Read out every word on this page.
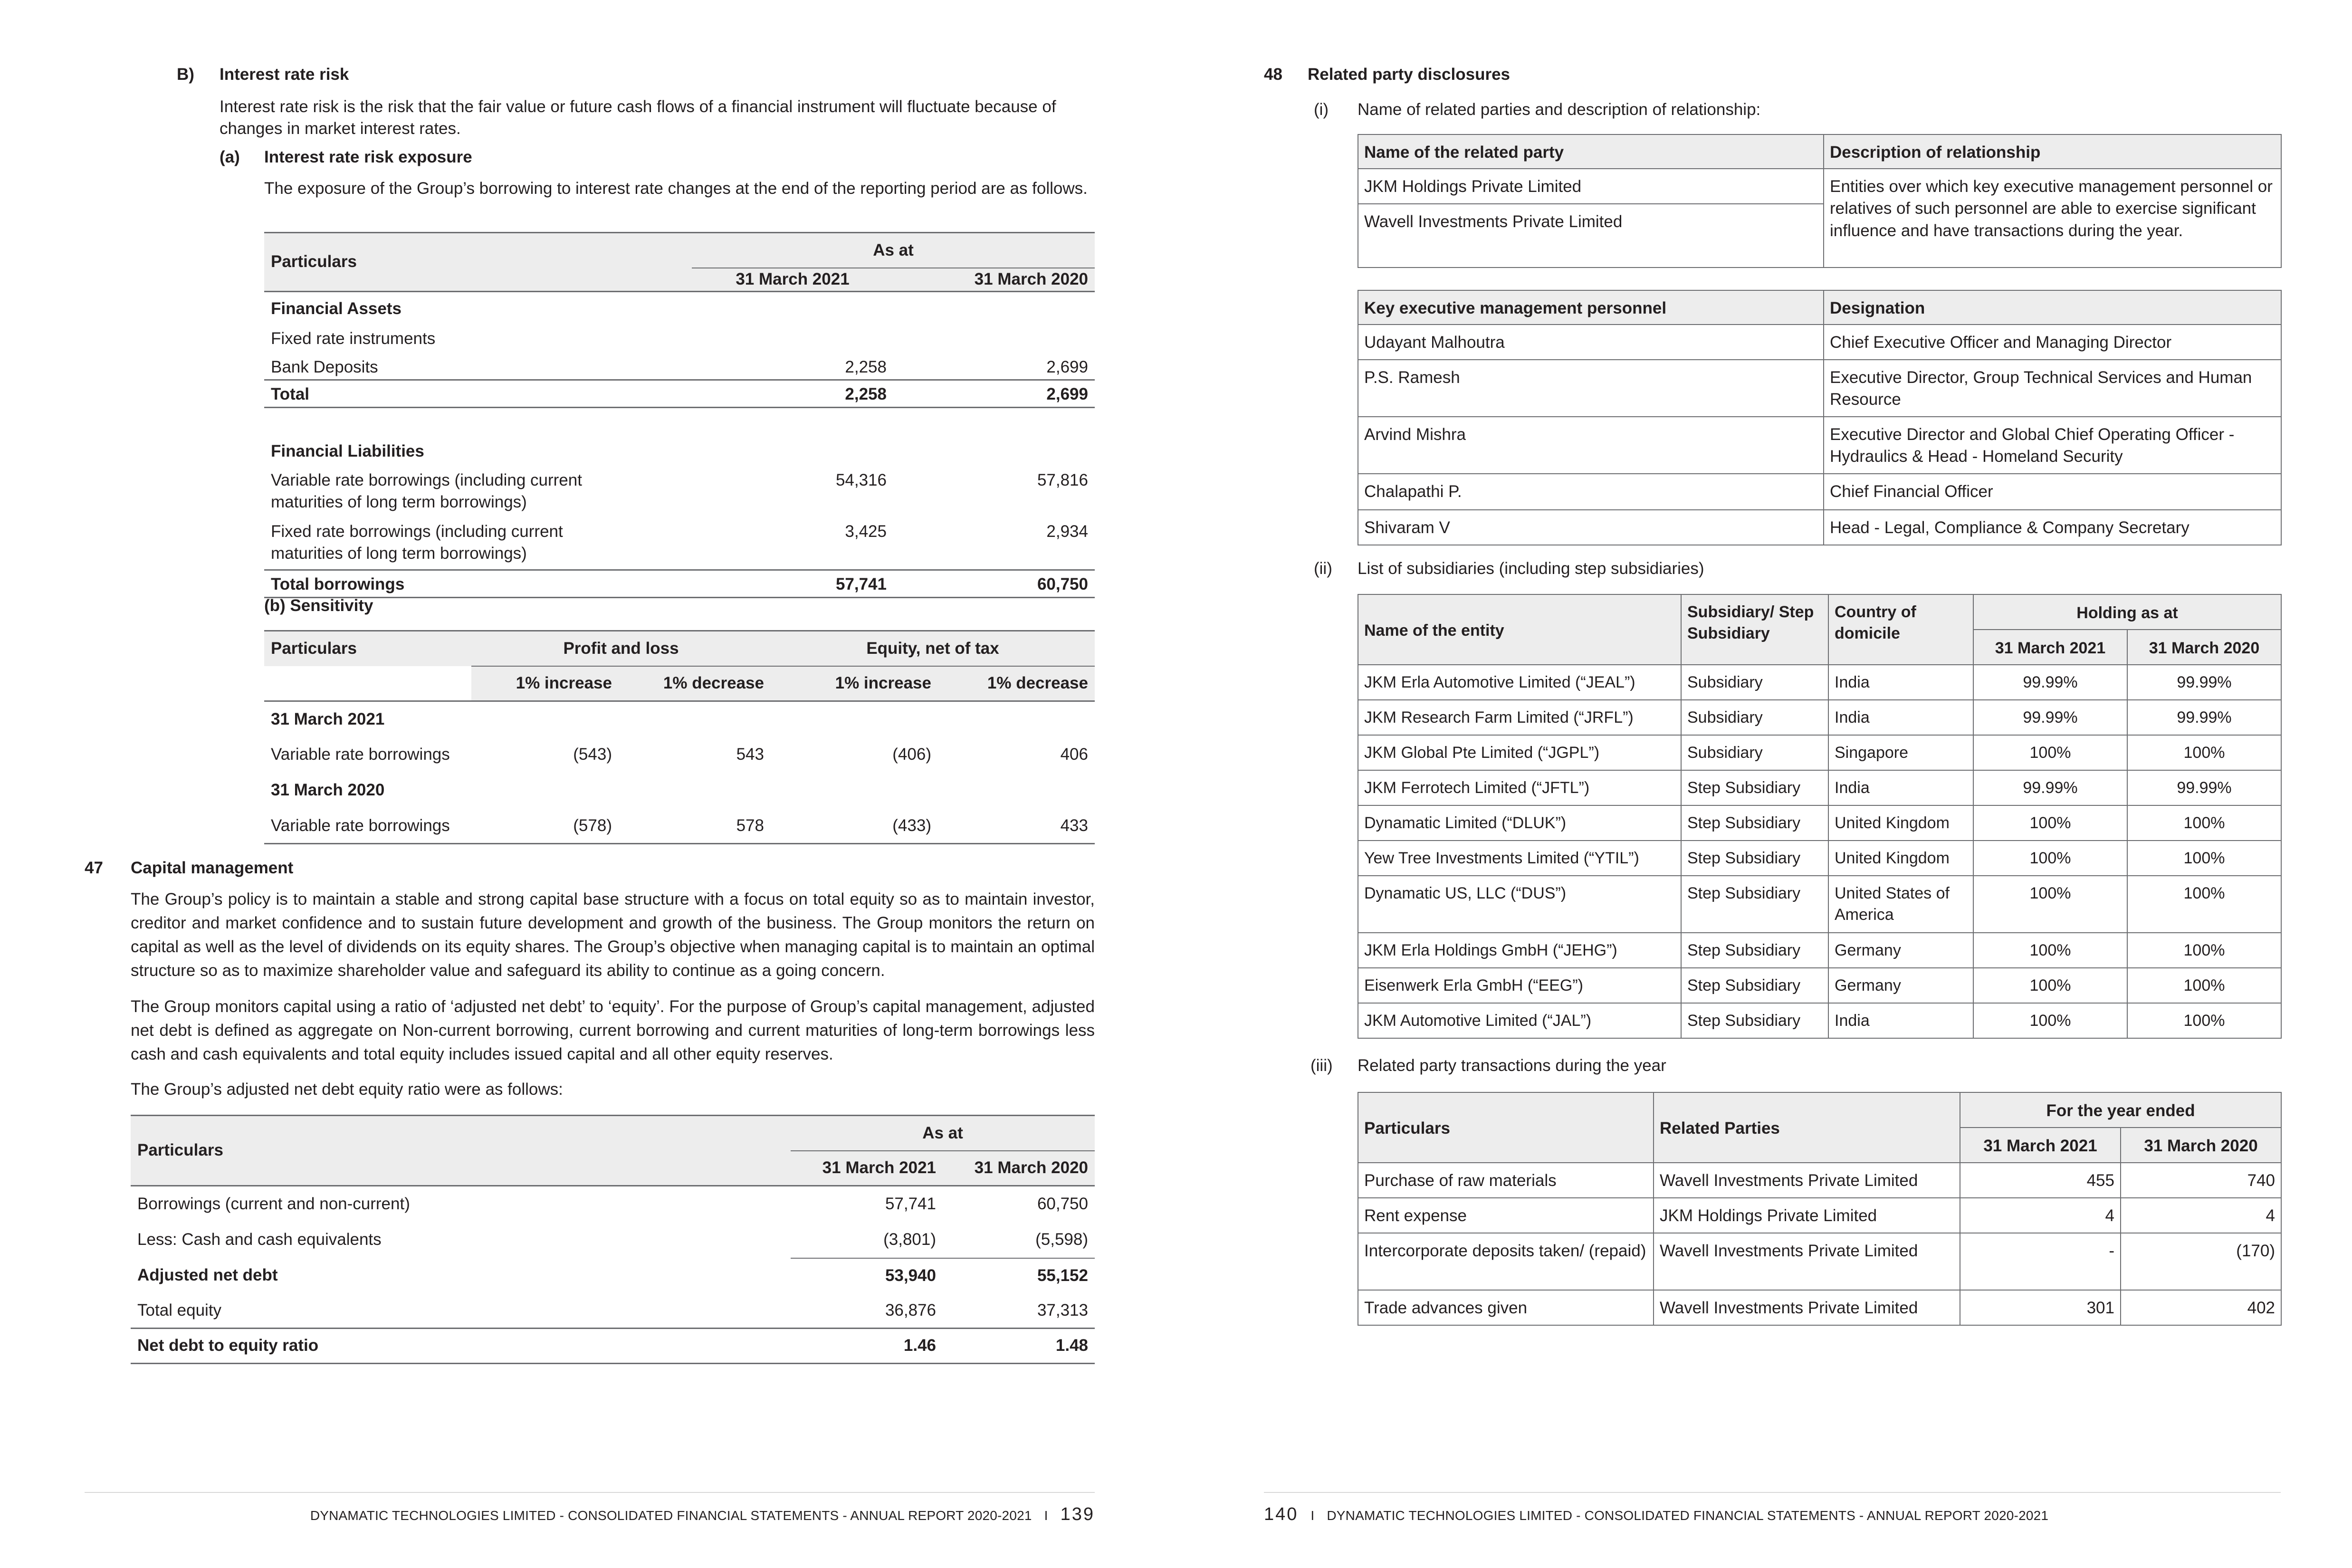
B) Interest rate risk

Interest rate risk is the risk that the fair value or future cash flows of a financial instrument will fluctuate because of changes in market interest rates.

(a) Interest rate risk exposure

The exposure of the Group’s borrowing to interest rate changes at the end of the reporting period are as follows.

Particulars	As at	
	31 March 2021	31 March 2020
Financial Assets		
Fixed rate instruments		
Bank Deposits	2,258	2,699
Total	2,258	2,699
Financial Liabilities		
Variable rate borrowings (including current maturities of long term borrowings)	54,316	57,816
Fixed rate borrowings (including current maturities of long term borrowings)	3,425	2,934
Total borrowings	57,741	60,750
(b) Sensitivity
Particulars	Profit and loss		Equity, net of tax	
	1% increase	1% decrease	1% increase	1% decrease
31 March 2021				
Variable rate borrowings	(543)	543	(406)	406
31 March 2020				
Variable rate borrowings	(578)	578	(433)	433
47 Capital management

The Group’s policy is to maintain a stable and strong capital base structure with a focus on total equity so as to maintain investor, creditor and market confidence and to sustain future development and growth of the business. The Group monitors the return on capital as well as the level of dividends on its equity shares. The Group’s objective when managing capital is to maintain an optimal structure so as to maximize shareholder value and safeguard its ability to continue as a going concern.

The Group monitors capital using a ratio of ‘adjusted net debt’ to ‘equity’. For the purpose of Group’s capital management, adjusted net debt is defined as aggregate on Non-current borrowing, current borrowing and current maturities of long-term borrowings less cash and cash equivalents and total equity includes issued capital and all other equity reserves.

The Group’s adjusted net debt equity ratio were as follows:

Particulars	As at	
	31 March 2021	31 March 2020
Borrowings (current and non-current)	57,741	60,750
Less: Cash and cash equivalents	(3,801)	(5,598)
Adjusted net debt	53,940	55,152
Total equity	36,876	37,313
Net debt to equity ratio	1.46	1.48
DYNAMATIC TECHNOLOGIES LIMITED - CONSOLIDATED FINANCIAL STATEMENTS - ANNUAL REPORT 2020-2021 I 139
48 Related party disclosures
(i) Name of related parties and description of relationship:
Name of the related party	Description of relationship
JKM Holdings Private Limited	Entities over which key executive management personnel or relatives of such personnel are able to exercise significant influence and have transactions during the year.
Wavell Investments Private Limited	
Key executive management personnel	Designation
Udayant Malhoutra	Chief Executive Officer and Managing Director
P.S. Ramesh	Executive Director, Group Technical Services and Human Resource
Arvind Mishra	Executive Director and Global Chief Operating Officer - Hydraulics & Head - Homeland Security
Chalapathi P.	Chief Financial Officer
Shivaram V	Head - Legal, Compliance & Company Secretary
(ii) List of subsidiaries (including step subsidiaries)
Name of the entity	Subsidiary/ Step Subsidiary	Country of domicile	Holding as at	
			31 March 2021	31 March 2020
JKM Erla Automotive Limited (“JEAL”)	Subsidiary	India	99.99%	99.99%
JKM Research Farm Limited (“JRFL”)	Subsidiary	India	99.99%	99.99%
JKM Global Pte Limited (“JGPL”)	Subsidiary	Singapore	100%	100%
JKM Ferrotech Limited (“JFTL”)	Step Subsidiary	India	99.99%	99.99%
Dynamatic Limited (“DLUK”)	Step Subsidiary	United Kingdom	100%	100%
Yew Tree Investments Limited (“YTIL”)	Step Subsidiary	United Kingdom	100%	100%
Dynamatic US, LLC (“DUS”)	Step Subsidiary	United States of America	100%	100%
JKM Erla Holdings GmbH (“JEHG”)	Step Subsidiary	Germany	100%	100%
Eisenwerk Erla GmbH (“EEG”)	Step Subsidiary	Germany	100%	100%
JKM Automotive Limited (“JAL”)	Step Subsidiary	India	100%	100%
(iii) Related party transactions during the year
Particulars	Related Parties	For the year ended	
		31 March 2021	31 March 2020
Purchase of raw materials	Wavell Investments Private Limited	455	740
Rent expense	JKM Holdings Private Limited	4	4
Intercorporate deposits taken/ (repaid)	Wavell Investments Private Limited	-	(170)
Trade advances given	Wavell Investments Private Limited	301	402
140 I DYNAMATIC TECHNOLOGIES LIMITED - CONSOLIDATED FINANCIAL STATEMENTS - ANNUAL REPORT 2020-2021
